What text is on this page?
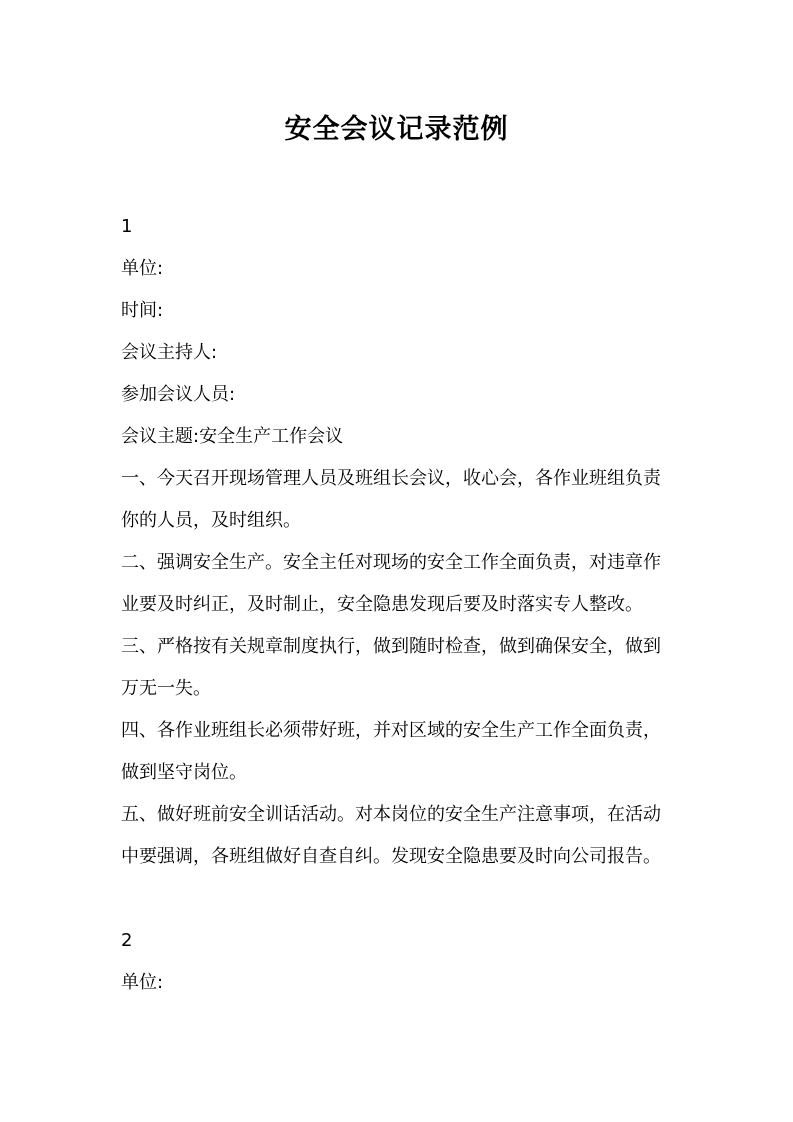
安全会议记录范例
1
单位:
时间:
会议主持人:
参加会议人员:
会议主题:安全生产工作会议
一、今天召开现场管理人员及班组长会议，收心会，各作业班组负责
你的人员，及时组织。
二、强调安全生产。安全主任对现场的安全工作全面负责，对违章作
业要及时纠正，及时制止，安全隐患发现后要及时落实专人整改。
三、严格按有关规章制度执行，做到随时检查，做到确保安全，做到
万无一失。
四、各作业班组长必须带好班，并对区域的安全生产工作全面负责，
做到坚守岗位。
五、做好班前安全训话活动。对本岗位的安全生产注意事项，在活动
中要强调，各班组做好自查自纠。发现安全隐患要及时向公司报告。
2
单位:
